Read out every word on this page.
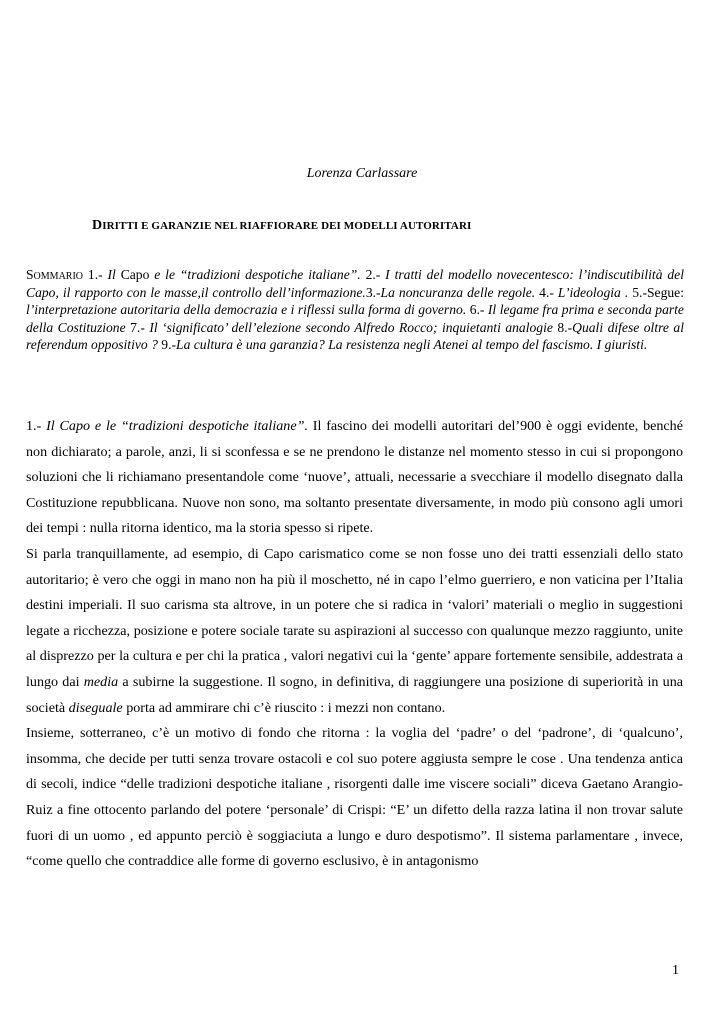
Lorenza Carlassare
DIRITTI E GARANZIE NEL RIAFFIORARE DEI MODELLI AUTORITARI
Sommario 1.- Il Capo e le “tradizioni despotiche italiane”. 2.- I tratti del modello novecentesco: l’indiscutibilità del Capo, il rapporto con le masse,il controllo dell’informazione.3.-La noncuranza delle regole. 4.- L’ideologia . 5.-Segue: l’interpretazione autoritaria della democrazia e i riflessi sulla forma di governo. 6.- Il legame fra prima e seconda parte della Costituzione 7.- Il ‘significato’ dell’elezione secondo Alfredo Rocco; inquietanti analogie 8.-Quali difese oltre al referendum oppositivo ? 9.-La cultura è una garanzia? La resistenza negli Atenei al tempo del fascismo. I giuristi.

1.- Il Capo e le “tradizioni despotiche italiane”. Il fascino dei modelli autoritari del’900 è oggi evidente, benché non dichiarato; a parole, anzi, li si sconfessa e se ne prendono le distanze nel momento stesso in cui si propongono soluzioni che li richiamano presentandole come ‘nuove’, attuali, necessarie a svecchiare il modello disegnato dalla Costituzione repubblicana. Nuove non sono, ma soltanto presentate diversamente, in modo più consono agli umori dei tempi : nulla ritorna identico, ma la storia spesso si ripete.

Si parla tranquillamente, ad esempio, di Capo carismatico come se non fosse uno dei tratti essenziali dello stato autoritario; è vero che oggi in mano non ha più il moschetto, né in capo l’elmo guerriero, e non vaticina per l’Italia destini imperiali. Il suo carisma sta altrove, in un potere che si radica in ‘valori’ materiali o meglio in suggestioni legate a ricchezza, posizione e potere sociale tarate su aspirazioni al successo con qualunque mezzo raggiunto, unite al disprezzo per la cultura e per chi la pratica , valori negativi cui la ‘gente’ appare fortemente sensibile, addestrata a lungo dai media a subirne la suggestione. Il sogno, in definitiva, di raggiungere una posizione di superiorità in una società diseguale porta ad ammirare chi c’è riuscito : i mezzi non contano.

Insieme, sotterraneo, c’è un motivo di fondo che ritorna : la voglia del ‘padre’ o del ‘padrone’, di ‘qualcuno’, insomma, che decide per tutti senza trovare ostacoli e col suo potere aggiusta sempre le cose . Una tendenza antica di secoli, indice “delle tradizioni despotiche italiane , risorgenti dalle ime viscere sociali” diceva Gaetano Arangio-Ruiz a fine ottocento parlando del potere ‘personale’ di Crispi: “E’ un difetto della razza latina il non trovar salute fuori di un uomo , ed appunto perciò è soggiaciuta a lungo e duro despotismo”. Il sistema parlamentare , invece, “come quello che contraddice alle forme di governo esclusivo, è in antagonismo

1
